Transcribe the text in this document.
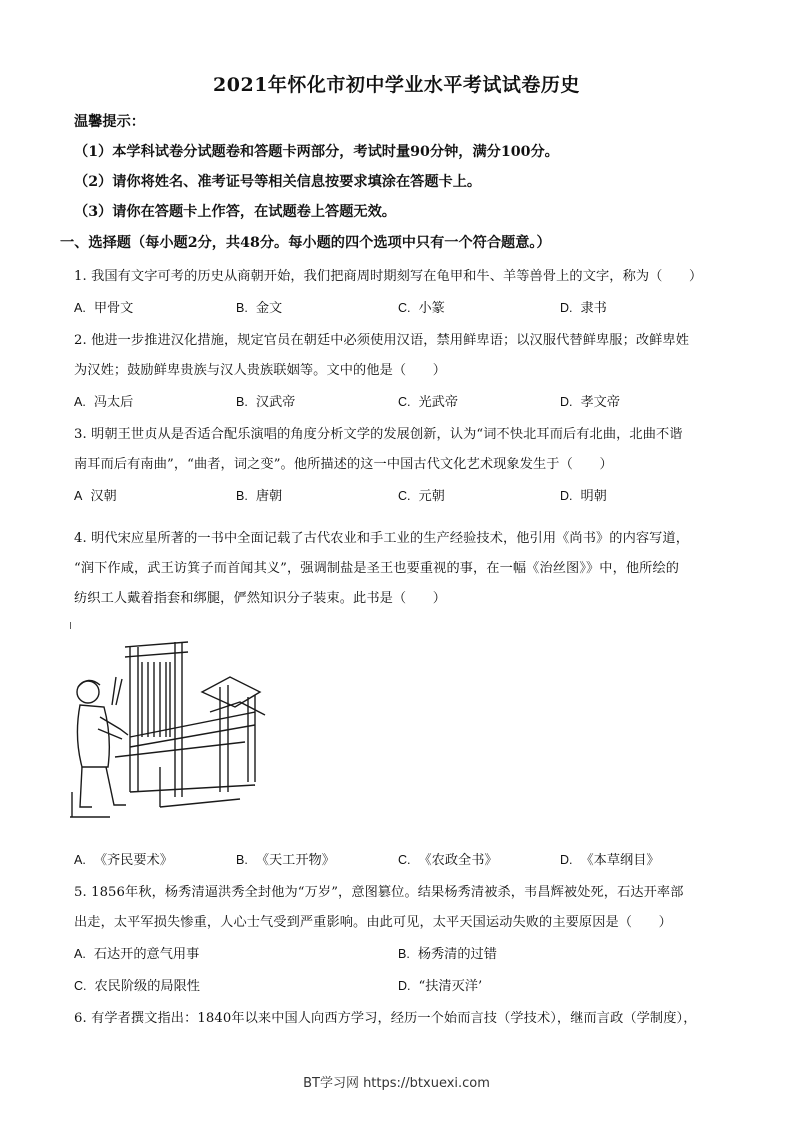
2021年怀化市初中学业水平考试试卷历史
温馨提示：
（1）本学科试卷分试题卷和答题卡两部分，考试时量90分钟，满分100分。
（2）请你将姓名、准考证号等相关信息按要求填涂在答题卡上。
（3）请你在答题卡上作答，在试题卷上答题无效。
一、选择题（每小题2分，共48分。每小题的四个选项中只有一个符合题意。）
1. 我国有文字可考的历史从商朝开始，我们把商周时期刻写在龟甲和牛、羊等兽骨上的文字，称为（　　）
A. 甲骨文	B. 金文	C. 小篆	D. 隶书
2. 他进一步推进汉化措施，规定官员在朝廷中必须使用汉语，禁用鲜卑语；以汉服代替鲜卑服；改鲜卑姓
为汉姓；鼓励鲜卑贵族与汉人贵族联姻等。文中的他是（　　）
A. 冯太后	B. 汉武帝	C. 光武帝	D. 孝文帝
3. 明朝王世贞从是否适合配乐演唱的角度分析文学的发展创新，认为“词不快北耳而后有北曲，北曲不谐
南耳而后有南曲”，“曲者，词之变”。他所描述的这一中国古代文化艺术现象发生于（　　）
A 汉朝	B. 唐朝	C. 元朝	D. 明朝
4. 明代宋应星所著的一书中全面记载了古代农业和手工业的生产经验技术，他引用《尚书》的内容写道，
“润下作咸，武王访箕子而首闻其义”，强调制盐是圣王也要重视的事，在一幅《治丝图》》中，他所绘的
纺织工人戴着指套和绑腿，俨然知识分子装束。此书是（　　）
A. 《齐民要术》	B. 《天工开物》	C. 《农政全书》	D. 《本草纲目》
5. 1856年秋，杨秀清逼洪秀全封他为“万岁”，意图篡位。结果杨秀清被杀，韦昌辉被处死，石达开率部
出走，太平军损失惨重，人心士气受到严重影响。由此可见，太平天国运动失败的主要原因是（　　）
A. 石达开的意气用事	B. 杨秀清的过错
C. 农民阶级的局限性	D. “扶清灭洋’
6. 有学者撰文指出：1840年以来中国人向西方学习，经历一个始而言技（学技术），继而言政（学制度），
BT学习网 https://btxuexi.com
